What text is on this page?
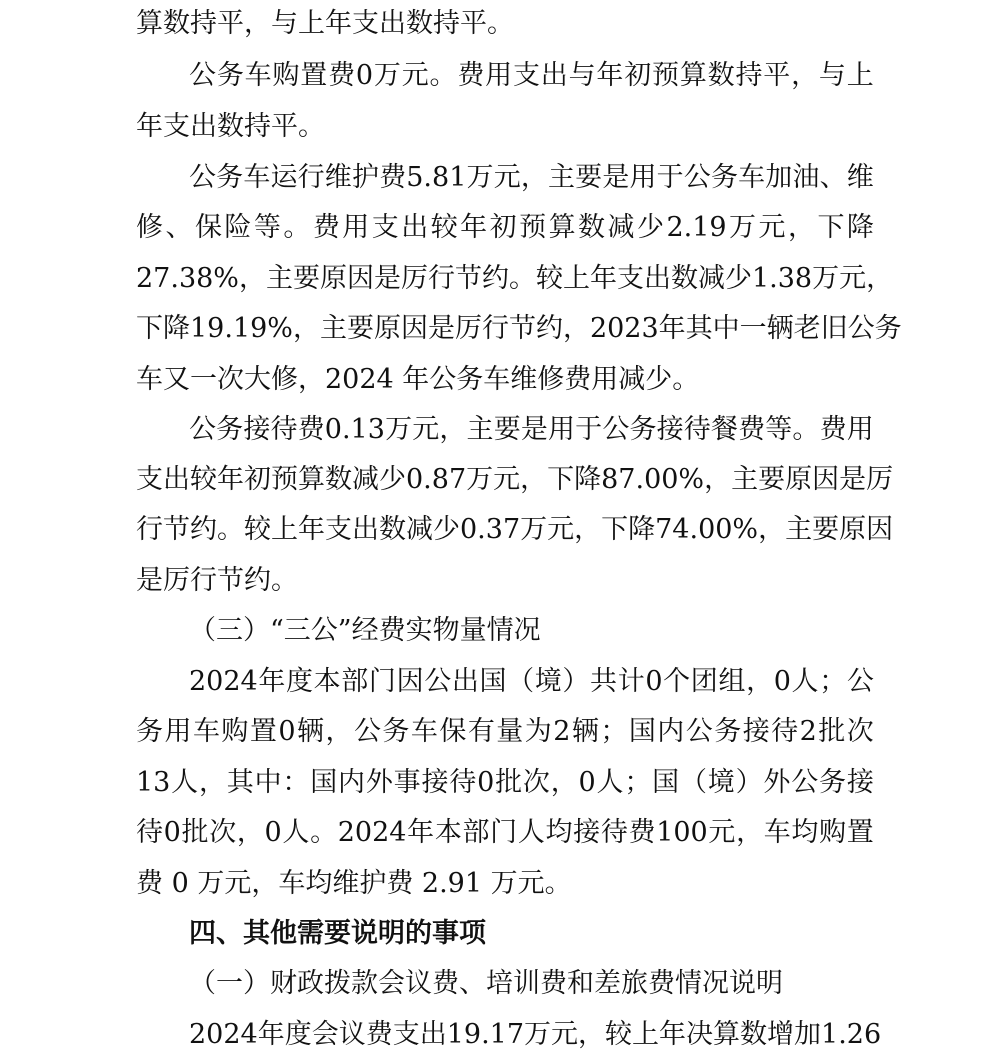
算数持平，与上年支出数持平。
公 务 车 购 置 费 0 万 元 。 费 用 支 出 与 年 初 预 算 数 持 平 ， 与 上
年支出数持平。
公 务 车 运 行 维 护 费 5.81 万 元 ， 主 要 是 用 于 公 务 车 加 油 、 维
修 、 保 险 等 。 费 用 支 出 较 年 初 预 算 数 减 少 2.19 万 元 ， 下 降
27.38% ， 主 要 原 因 是 厉 行 节 约 。 较 上 年 支 出 数 减 少 1.38 万 元 ，
下 降 19.19% ， 主 要 原 因 是 厉 行 节 约 ， 2023 年 其 中 一 辆 老 旧 公 务
车又一次大修，2024 年公务车维修费用减少。
公 务 接 待 费 0.13 万 元 ， 主 要 是 用 于 公 务 接 待 餐 费 等 。 费 用
支 出 较 年 初 预 算 数 减 少 0.87 万 元 ， 下 降 87.00% ， 主 要 原 因 是 厉
行 节 约 。 较 上 年 支 出 数 减 少 0.37 万 元 ， 下 降 74.00% ， 主 要 原 因
是厉行节约。
（三）“三公”经费实物量情况
2024 年 度 本 部 门 因 公 出 国 （ 境 ） 共 计 0 个 团 组 ， 0 人 ； 公
务 用 车 购 置 0 辆 ， 公 务 车 保 有 量 为 2 辆 ； 国 内 公 务 接 待 2 批 次
13 人 ， 其 中 ： 国 内 外 事 接 待 0 批 次 ， 0 人 ； 国 （ 境 ） 外 公 务 接
待 0 批 次 ， 0 人 。 2024 年 本 部 门 人 均 接 待 费 100 元 ， 车 均 购 置
费 0 万元，车均维护费 2.91 万元。
四、其他需要说明的事项
（一）财政拨款会议费、培训费和差旅费情况说明
2024 年 度 会 议 费 支 出 19.17 万 元 ， 较 上 年 决 算 数 增 加 1.26
